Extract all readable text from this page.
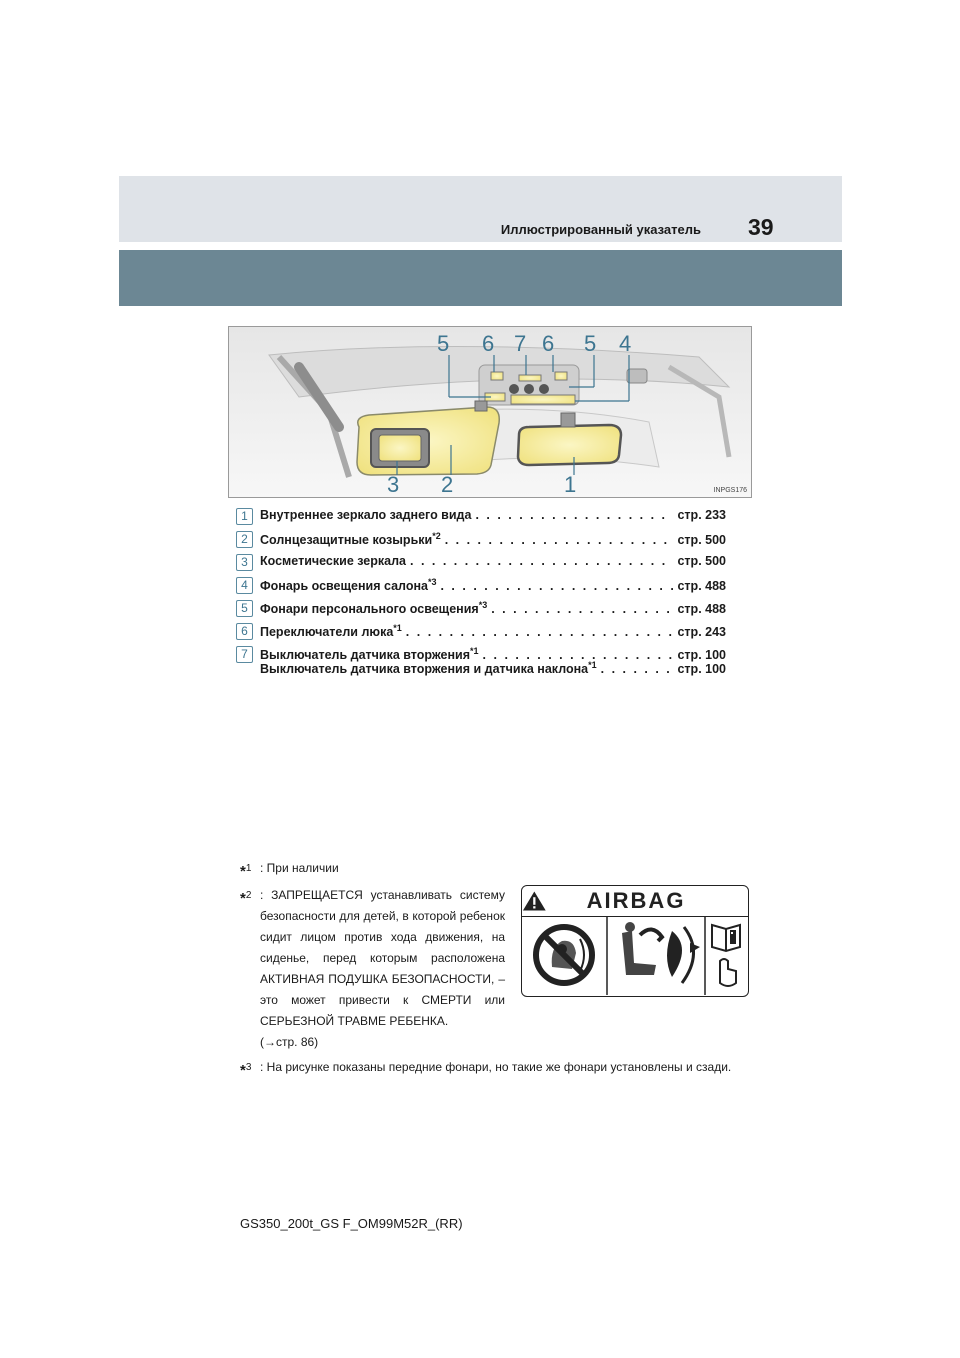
Иллюстрированный указатель 39
5 6 7 6 5 4
3 2	1	INPGS176
1 Внутреннее зеркало заднего вида . . .	стр. 233
2 Солнцезащитные козырьки$^{*2}$ . . .	стр. 500
3 Косметические зеркала . . .	стр. 500
4 Фонарь освещения салона$^{*3}$ . . .	стр. 488
5 Фонари персонального освещения$^{*3}$ . . .	стр. 488
6 Переключатели люка$^{*1}$ . . .	стр. 243
7 Выключатель датчика вторжения$^{*1}$ . . .	стр. 100
Выключатель датчика вторжения и датчика наклона$^{*1}$ . . .	стр. 100
*$^1$ : При наличии
*$^2$ : ЗАПРЕЩАЕТСЯ устанавливать систему безопасности для детей, в которой ребенок сидит лицом против хода движения, на сиденье, перед которым расположена АКТИВНАЯ ПОДУШКА БЕЗОПАСНОСТИ, – это может привести к СМЕРТИ или СЕРЬЕЗНОЙ ТРАВМЕ РЕБЕНКА.
(→стр. 86)
*$^3$ : На рисунке показаны передние фонари, но такие же фонари установлены и сзади.
AIRBAG
GS350_200t_GS F_OM99M52R_(RR)
